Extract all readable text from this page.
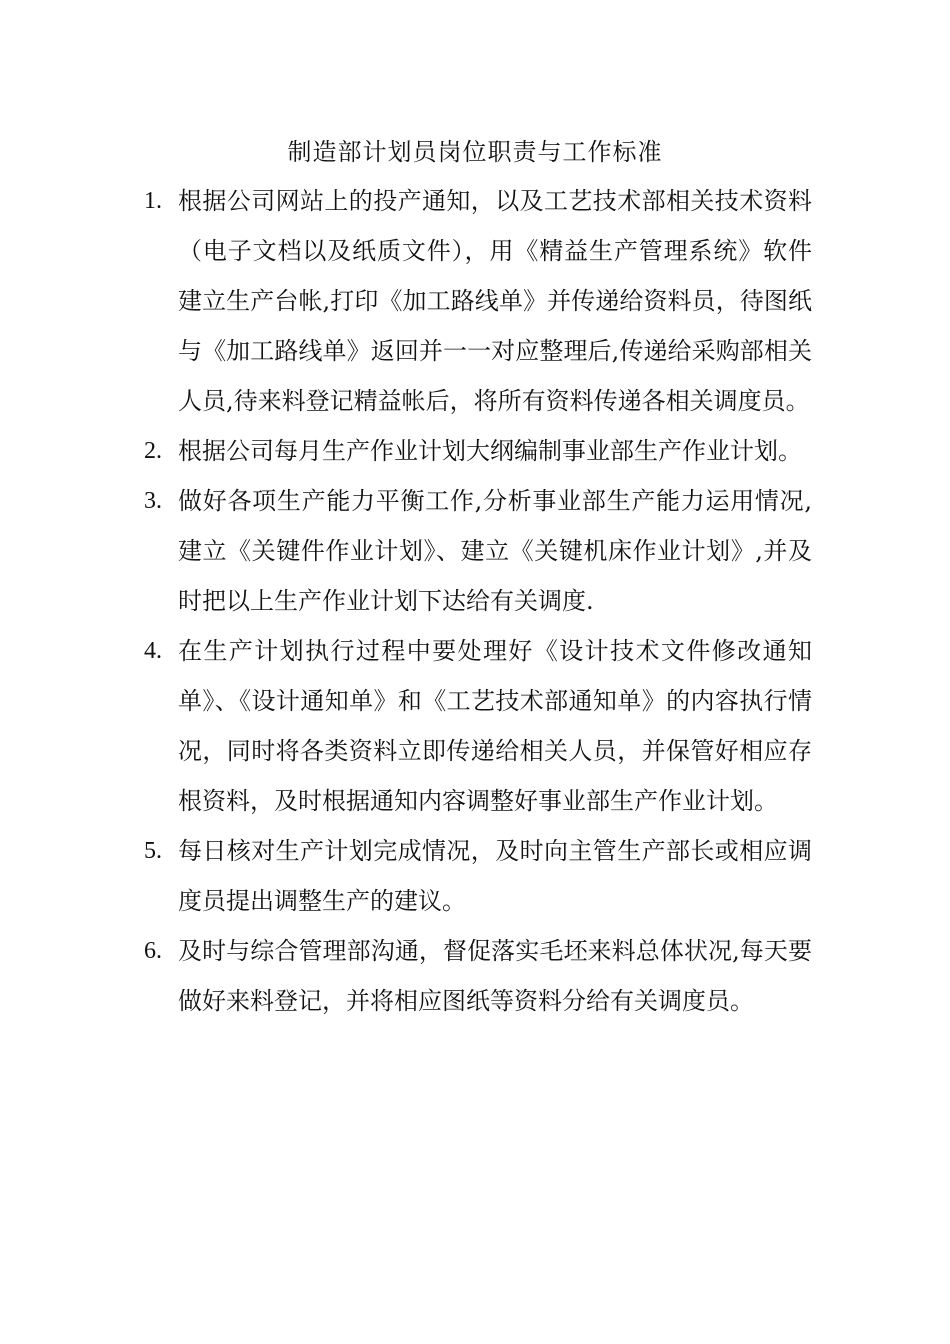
制造部计划员岗位职责与工作标准
1. 根据公司网站上的投产通知，以及工艺技术部相关技术资料（电子文档以及纸质文件），用《精益生产管理系统》软件建立生产台帐,打印《加工路线单》并传递给资料员，待图纸与《加工路线单》返回并一一对应整理后,传递给采购部相关人员,待来料登记精益帐后，将所有资料传递各相关调度员。
2. 根据公司每月生产作业计划大纲编制事业部生产作业计划。
3. 做好各项生产能力平衡工作,分析事业部生产能力运用情况,建立《关键件作业计划》、建立《关键机床作业计划》,并及时把以上生产作业计划下达给有关调度.
4. 在生产计划执行过程中要处理好《设计技术文件修改通知单》、《设计通知单》和《工艺技术部通知单》的内容执行情况，同时将各类资料立即传递给相关人员，并保管好相应存根资料，及时根据通知内容调整好事业部生产作业计划。
5. 每日核对生产计划完成情况，及时向主管生产部长或相应调度员提出调整生产的建议。
6. 及时与综合管理部沟通，督促落实毛坯来料总体状况,每天要做好来料登记，并将相应图纸等资料分给有关调度员。
